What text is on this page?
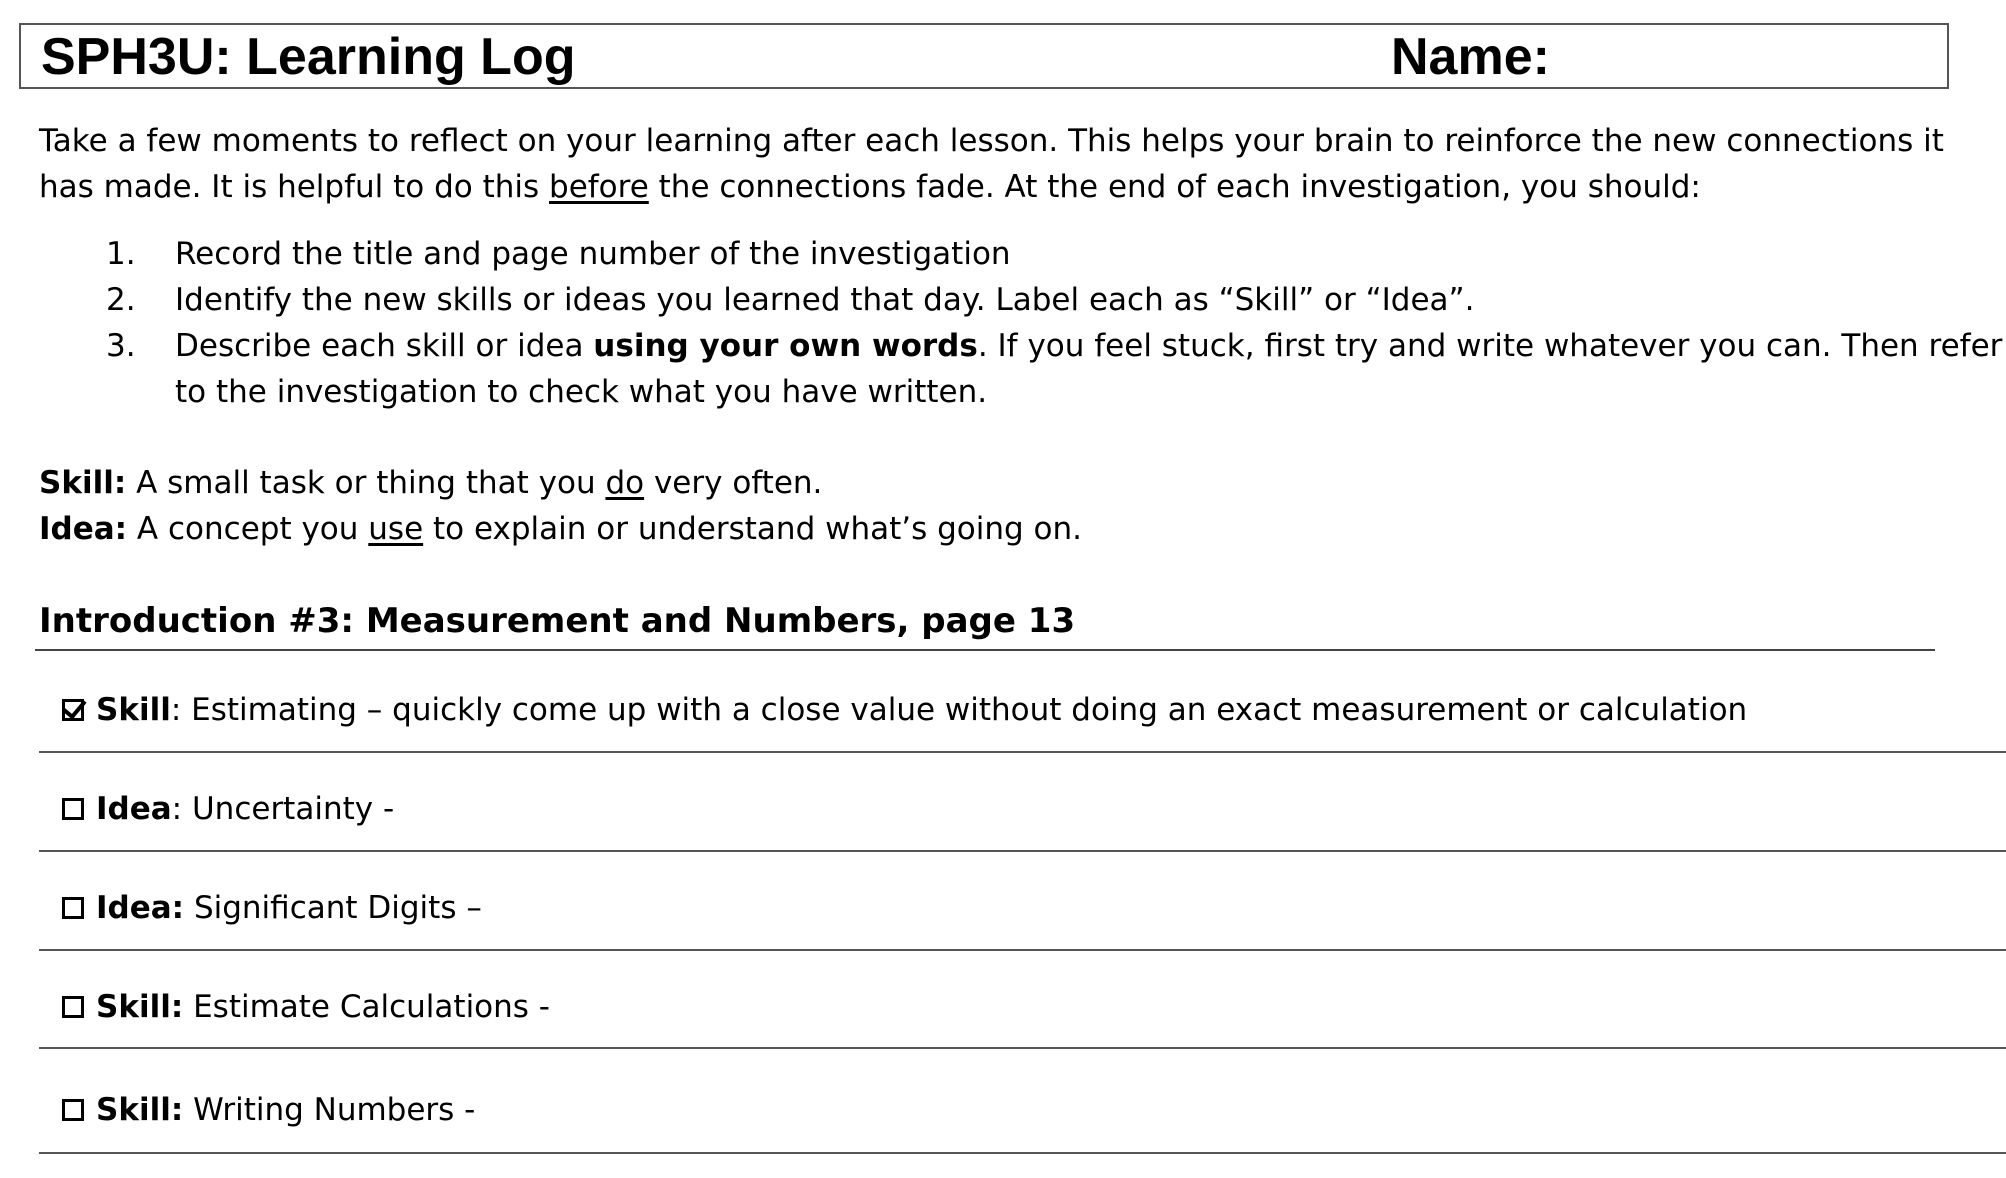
SPH3U: Learning Log	Name:
Take a few moments to reflect on your learning after each lesson. This helps your brain to reinforce the new connections it
has made. It is helpful to do this before the connections fade. At the end of each investigation, you should:
1. Record the title and page number of the investigation
2. Identify the new skills or ideas you learned that day. Label each as “Skill” or “Idea”.
3. Describe each skill or idea using your own words. If you feel stuck, first try and write whatever you can. Then refer
to the investigation to check what you have written.
Skill: A small task or thing that you do very often.
Idea: A concept you use to explain or understand what’s going on.
Introduction #3: Measurement and Numbers, page 13
Skill: Estimating – quickly come up with a close value without doing an exact measurement or calculation
Idea: Uncertainty -
Idea: Significant Digits –
Skill: Estimate Calculations -
Skill: Writing Numbers -
